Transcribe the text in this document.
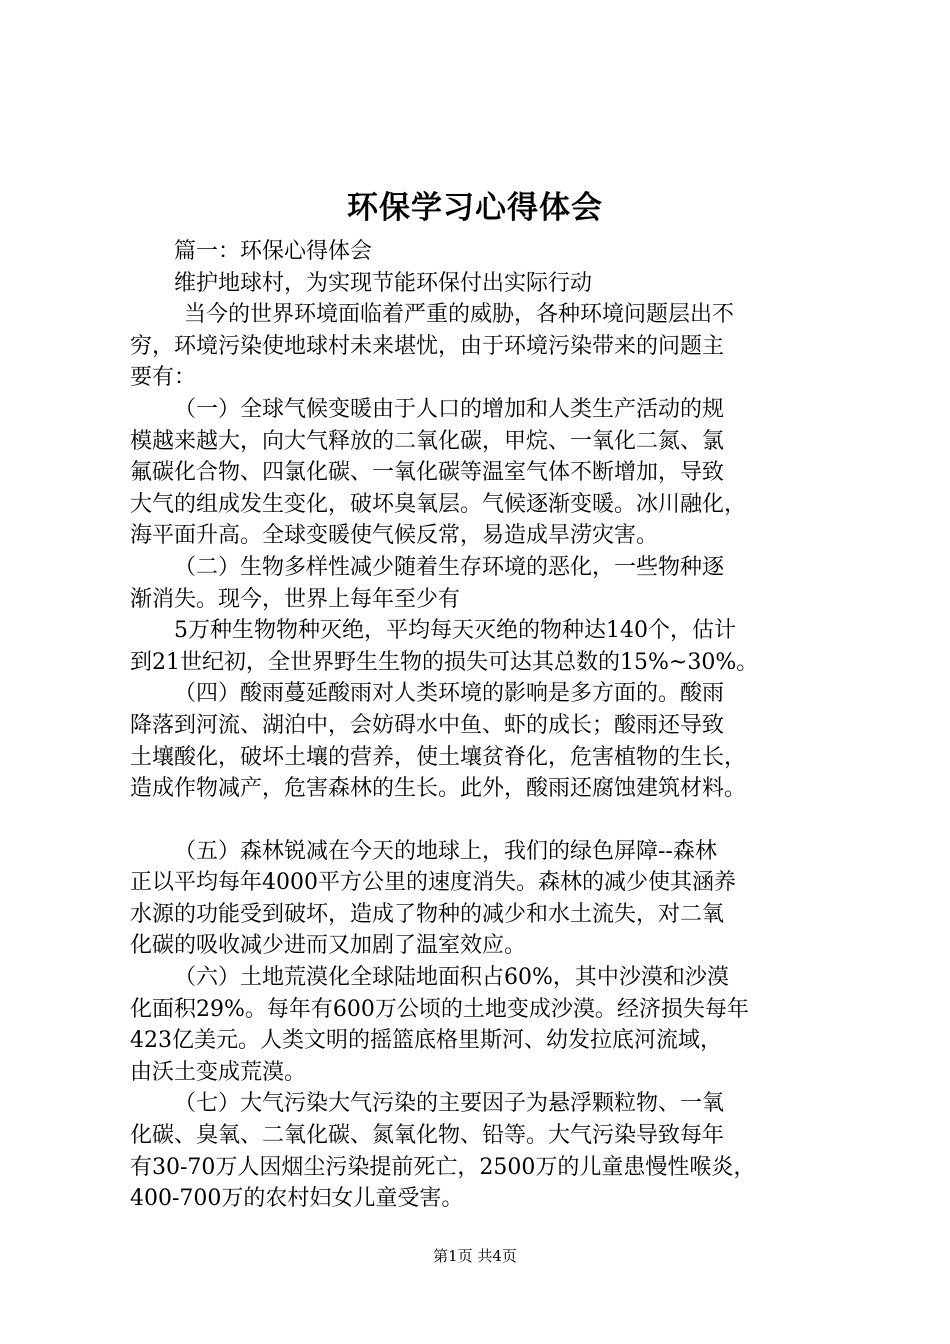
环保学习心得体会
篇一：环保心得体会
维护地球村，为实现节能环保付出实际行动
当今的世界环境面临着严重的威胁，各种环境问题层出不
穷，环境污染使地球村未来堪忧，由于环境污染带来的问题主
要有：
（一）全球气候变暖由于人口的增加和人类生产活动的规
模越来越大，向大气释放的二氧化碳，甲烷、一氧化二氮、氯
氟碳化合物、四氯化碳、一氧化碳等温室气体不断增加，导致
大气的组成发生变化，破坏臭氧层。气候逐渐变暖。冰川融化，
海平面升高。全球变暖使气候反常，易造成旱涝灾害。
（二）生物多样性减少随着生存环境的恶化，一些物种逐
渐消失。现今，世界上每年至少有
5万种生物物种灭绝，平均每天灭绝的物种达140个，估计
到21世纪初，全世界野生生物的损失可达其总数的15%~30%。
（四）酸雨蔓延酸雨对人类环境的影响是多方面的。酸雨
降落到河流、湖泊中，会妨碍水中鱼、虾的成长；酸雨还导致
土壤酸化，破坏土壤的营养，使土壤贫脊化，危害植物的生长，
造成作物减产，危害森林的生长。此外，酸雨还腐蚀建筑材料。
（五）森林锐减在今天的地球上，我们的绿色屏障--森林
正以平均每年4000平方公里的速度消失。森林的减少使其涵养
水源的功能受到破坏，造成了物种的减少和水土流失，对二氧
化碳的吸收减少进而又加剧了温室效应。
（六）土地荒漠化全球陆地面积占60%，其中沙漠和沙漠
化面积29%。每年有600万公顷的土地变成沙漠。经济损失每年
423亿美元。人类文明的摇篮底格里斯河、幼发拉底河流域，
由沃土变成荒漠。
（七）大气污染大气污染的主要因子为悬浮颗粒物、一氧
化碳、臭氧、二氧化碳、氮氧化物、铅等。大气污染导致每年
有30-70万人因烟尘污染提前死亡，2500万的儿童患慢性喉炎，
400-700万的农村妇女儿童受害。
第1页 共4页
